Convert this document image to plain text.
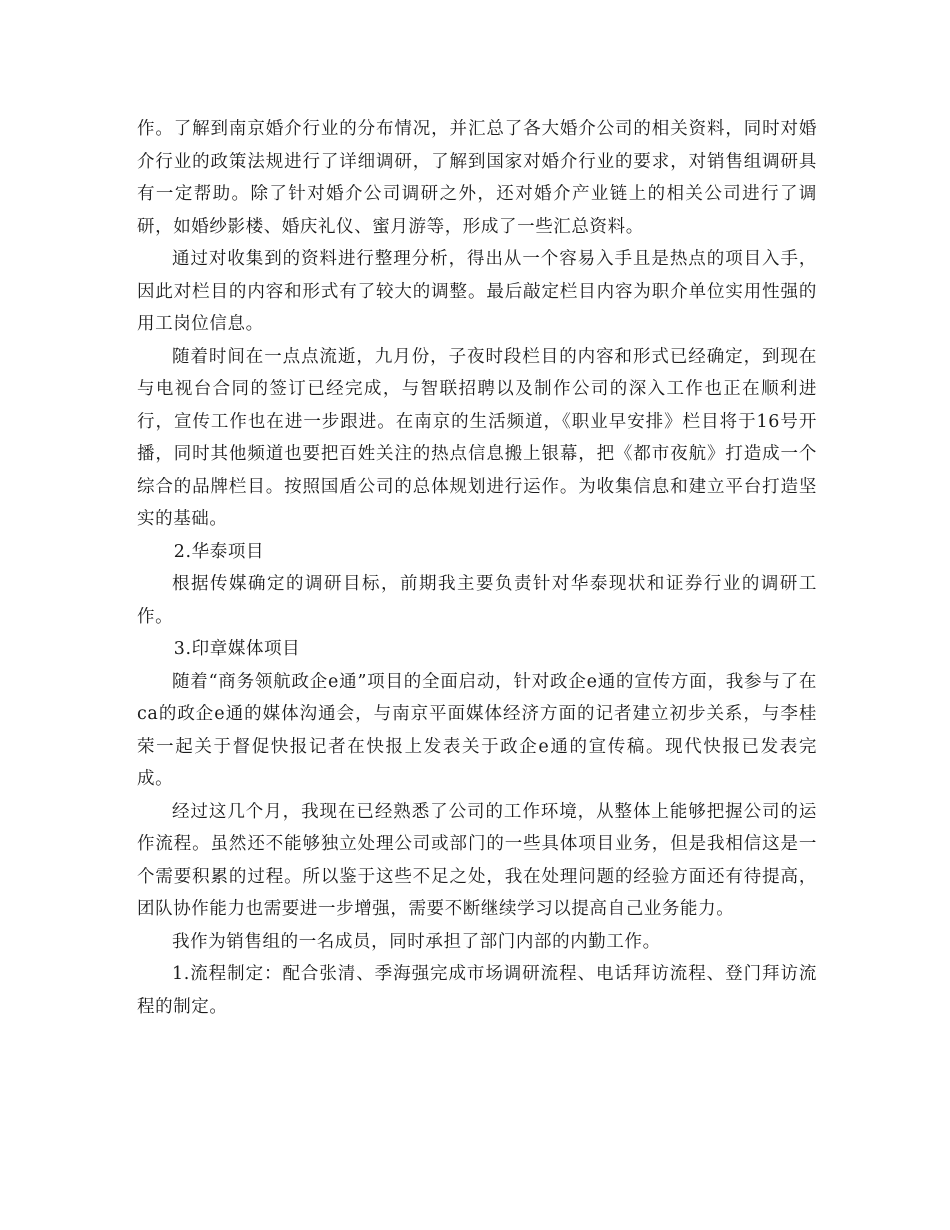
作。了解到南京婚介行业的分布情况，并汇总了各大婚介公司的相关资料，同时对婚介行业的政策法规进行了详细调研，了解到国家对婚介行业的要求，对销售组调研具有一定帮助。除了针对婚介公司调研之外，还对婚介产业链上的相关公司进行了调研，如婚纱影楼、婚庆礼仪、蜜月游等，形成了一些汇总资料。

通过对收集到的资料进行整理分析，得出从一个容易入手且是热点的项目入手，因此对栏目的内容和形式有了较大的调整。最后敲定栏目内容为职介单位实用性强的用工岗位信息。

随着时间在一点点流逝，九月份，子夜时段栏目的内容和形式已经确定，到现在与电视台合同的签订已经完成，与智联招聘以及制作公司的深入工作也正在顺利进行，宣传工作也在进一步跟进。在南京的生活频道，《职业早安排》栏目将于16号开播，同时其他频道也要把百姓关注的热点信息搬上银幕，把《都市夜航》打造成一个综合的品牌栏目。按照国盾公司的总体规划进行运作。为收集信息和建立平台打造坚实的基础。

2.华泰项目

根据传媒确定的调研目标，前期我主要负责针对华泰现状和证券行业的调研工作。

3.印章媒体项目

随着“商务领航政企e通”项目的全面启动，针对政企e通的宣传方面，我参与了在ca的政企e通的媒体沟通会，与南京平面媒体经济方面的记者建立初步关系，与李桂荣一起关于督促快报记者在快报上发表关于政企e通的宣传稿。现代快报已发表完成。

经过这几个月，我现在已经熟悉了公司的工作环境，从整体上能够把握公司的运作流程。虽然还不能够独立处理公司或部门的一些具体项目业务，但是我相信这是一个需要积累的过程。所以鉴于这些不足之处，我在处理问题的经验方面还有待提高，团队协作能力也需要进一步增强，需要不断继续学习以提高自己业务能力。

我作为销售组的一名成员，同时承担了部门内部的内勤工作。

1.流程制定：配合张清、季海强完成市场调研流程、电话拜访流程、登门拜访流程的制定。
